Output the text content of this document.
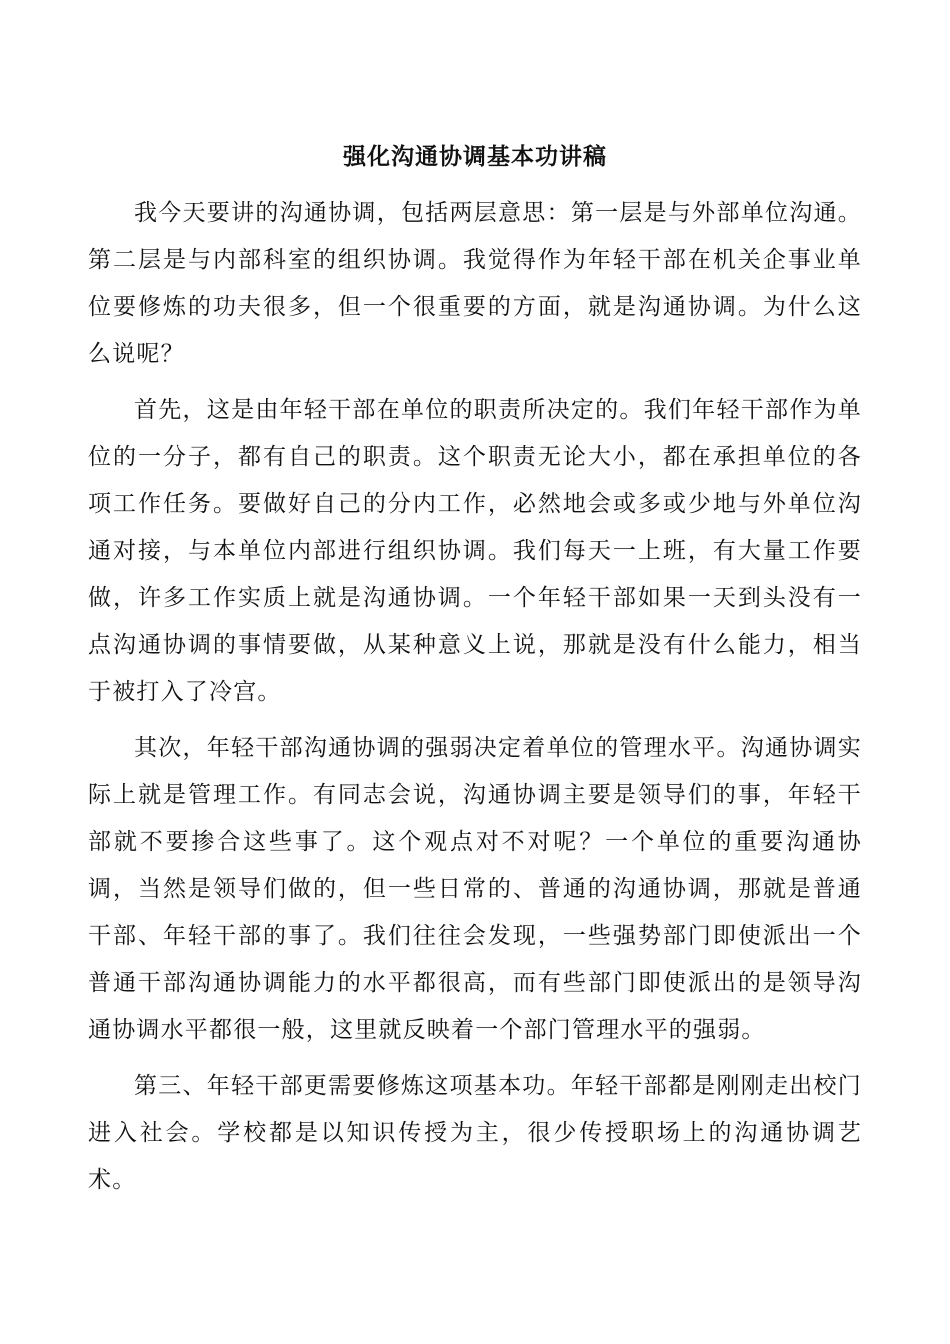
强化沟通协调基本功讲稿

我今天要讲的沟通协调，包括两层意思：第一层是与外部单位沟通。第二层是与内部科室的组织协调。我觉得作为年轻干部在机关企事业单位要修炼的功夫很多，但一个很重要的方面，就是沟通协调。为什么这么说呢？

首先，这是由年轻干部在单位的职责所决定的。我们年轻干部作为单位的一分子，都有自己的职责。这个职责无论大小，都在承担单位的各项工作任务。要做好自己的分内工作，必然地会或多或少地与外单位沟通对接，与本单位内部进行组织协调。我们每天一上班，有大量工作要做，许多工作实质上就是沟通协调。一个年轻干部如果一天到头没有一点沟通协调的事情要做，从某种意义上说，那就是没有什么能力，相当于被打入了冷宫。

其次，年轻干部沟通协调的强弱决定着单位的管理水平。沟通协调实际上就是管理工作。有同志会说，沟通协调主要是领导们的事，年轻干部就不要掺合这些事了。这个观点对不对呢？一个单位的重要沟通协调，当然是领导们做的，但一些日常的、普通的沟通协调，那就是普通干部、年轻干部的事了。我们往往会发现，一些强势部门即使派出一个普通干部沟通协调能力的水平都很高，而有些部门即使派出的是领导沟通协调水平都很一般，这里就反映着一个部门管理水平的强弱。

第三、年轻干部更需要修炼这项基本功。年轻干部都是刚刚走出校门进入社会。学校都是以知识传授为主，很少传授职场上的沟通协调艺术。
